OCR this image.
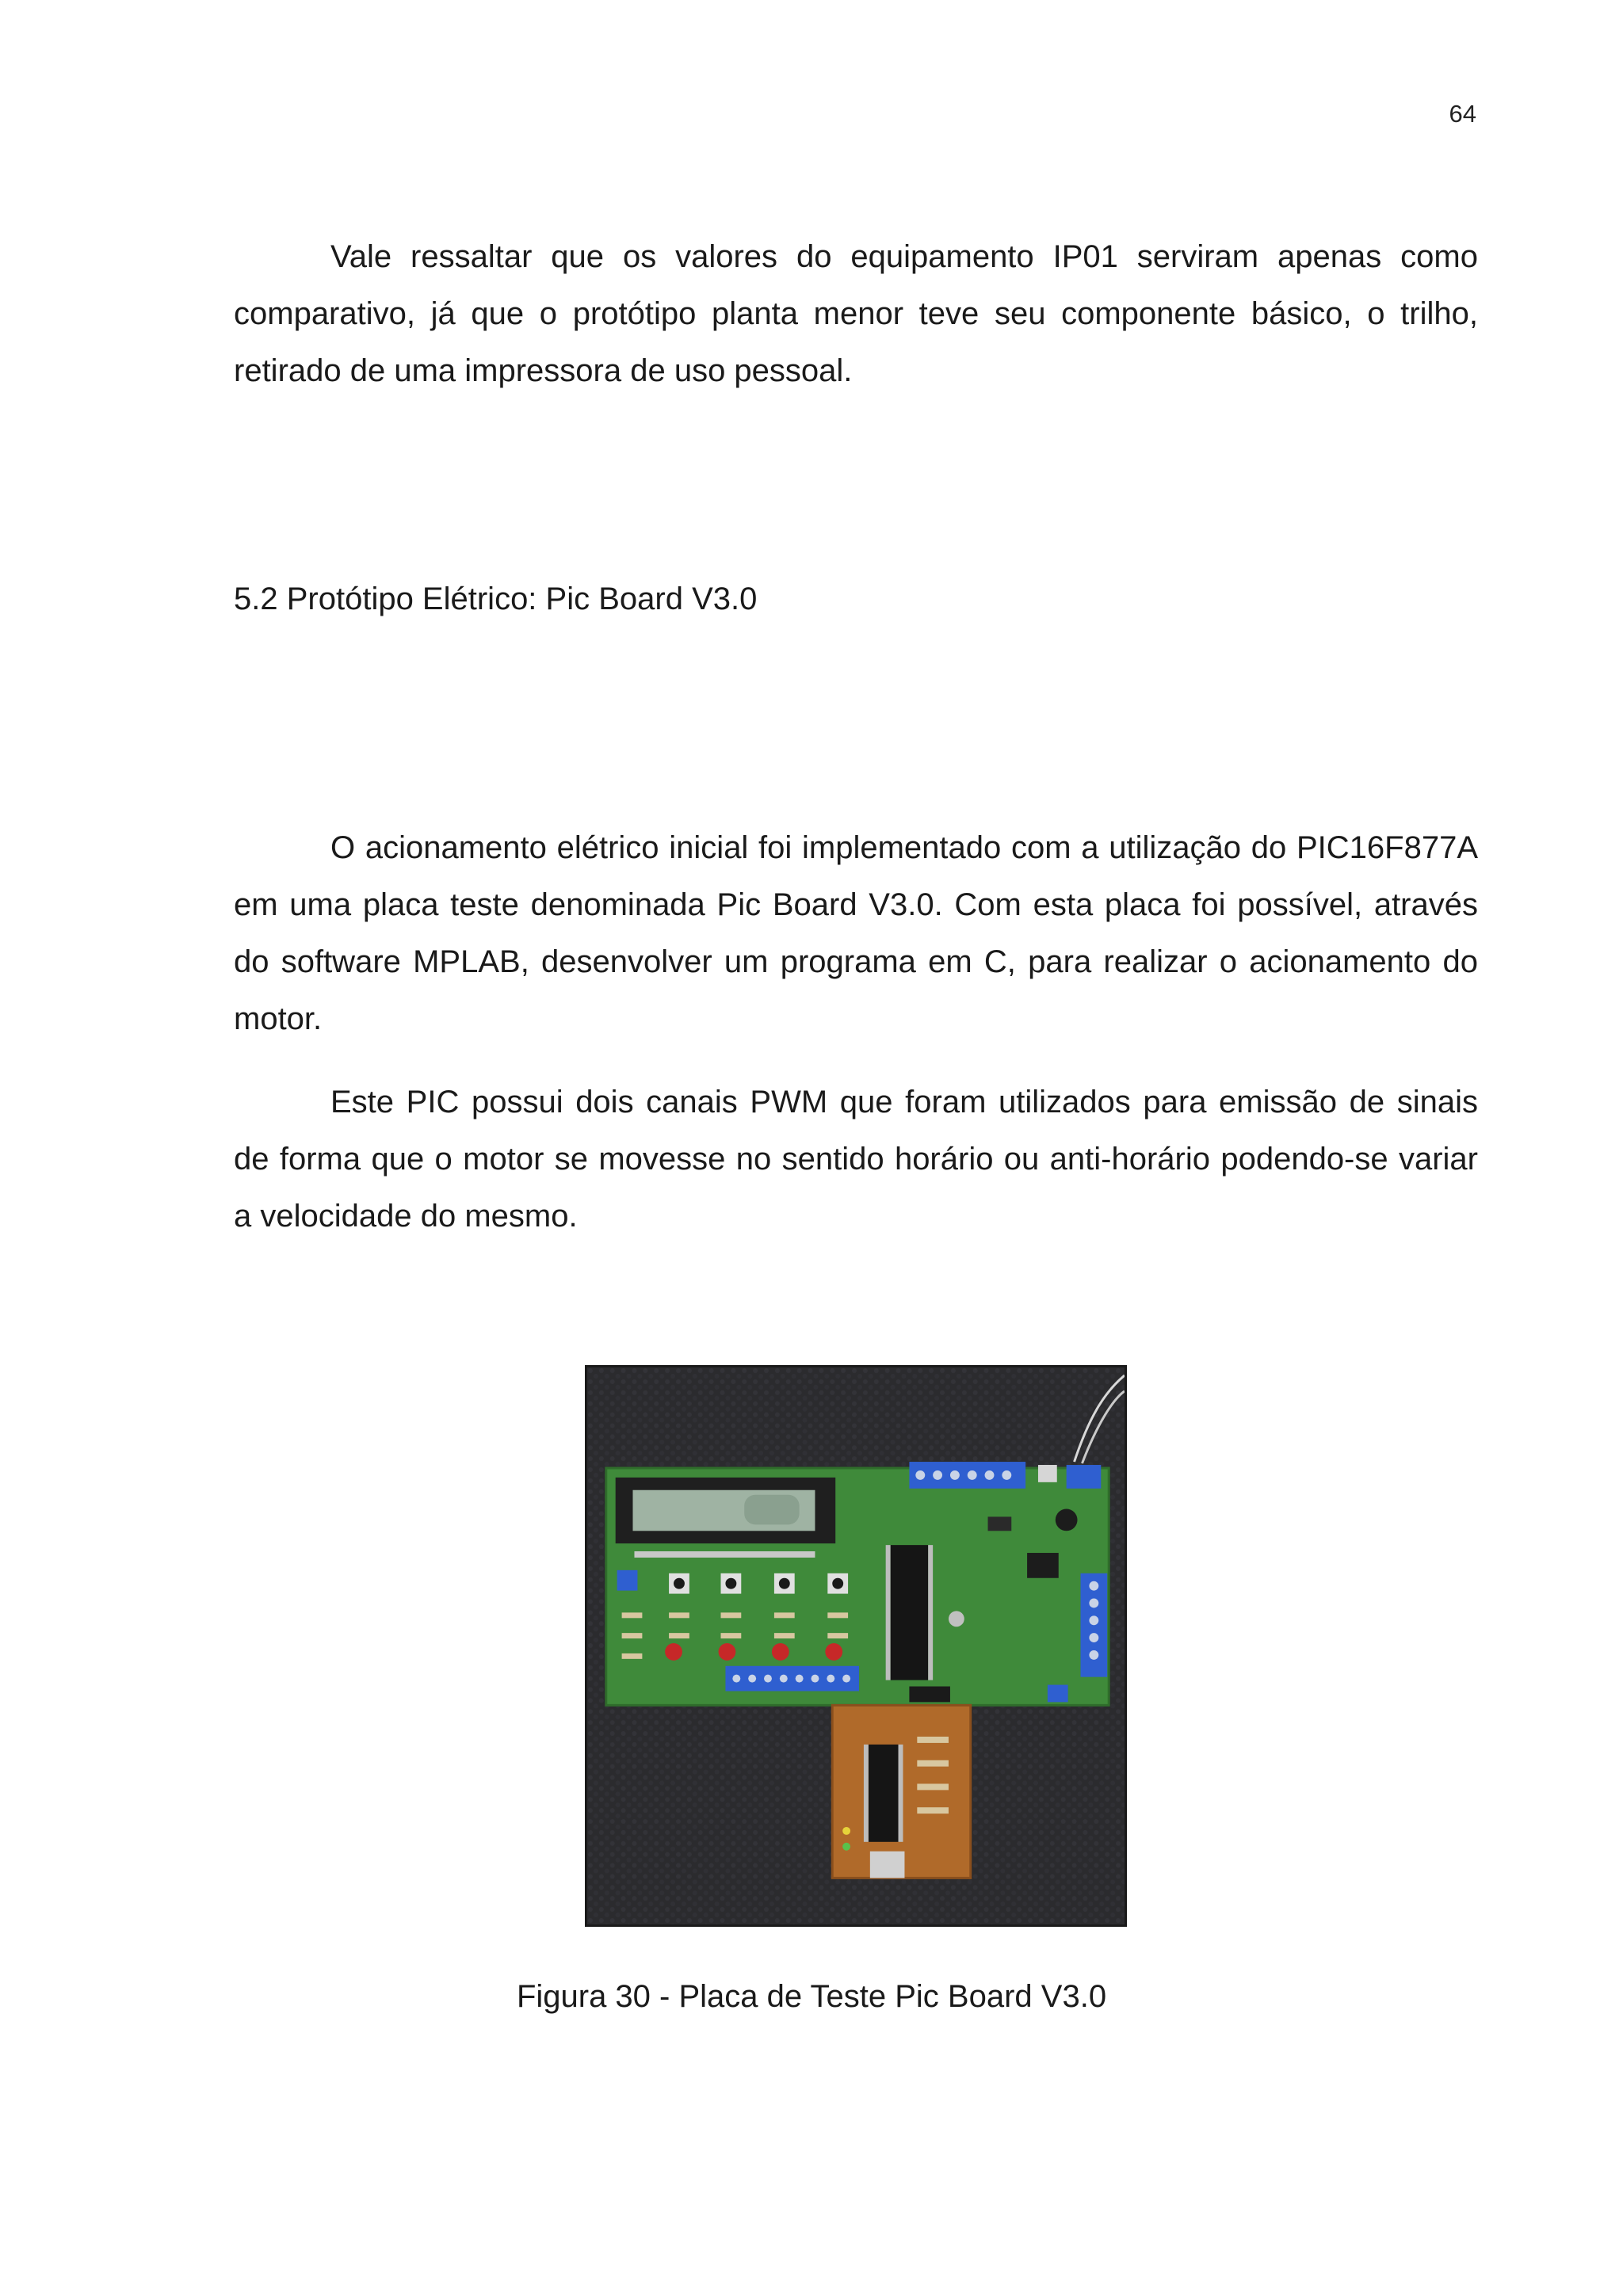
64

Vale ressaltar que os valores do equipamento IP01 serviram apenas como comparativo, já que o protótipo planta menor teve seu componente básico, o trilho, retirado de uma impressora de uso pessoal.

5.2 Protótipo Elétrico: Pic Board V3.0

O acionamento elétrico inicial foi implementado com a utilização do PIC16F877A em uma placa teste denominada Pic Board V3.0. Com esta placa foi possível, através do software MPLAB, desenvolver um programa em C, para realizar o acionamento do motor.

Este PIC possui dois canais PWM que foram utilizados para emissão de sinais de forma que o motor se movesse no sentido horário ou anti-horário podendo-se variar a velocidade do mesmo.

Figura 30 - Placa de Teste Pic Board V3.0
